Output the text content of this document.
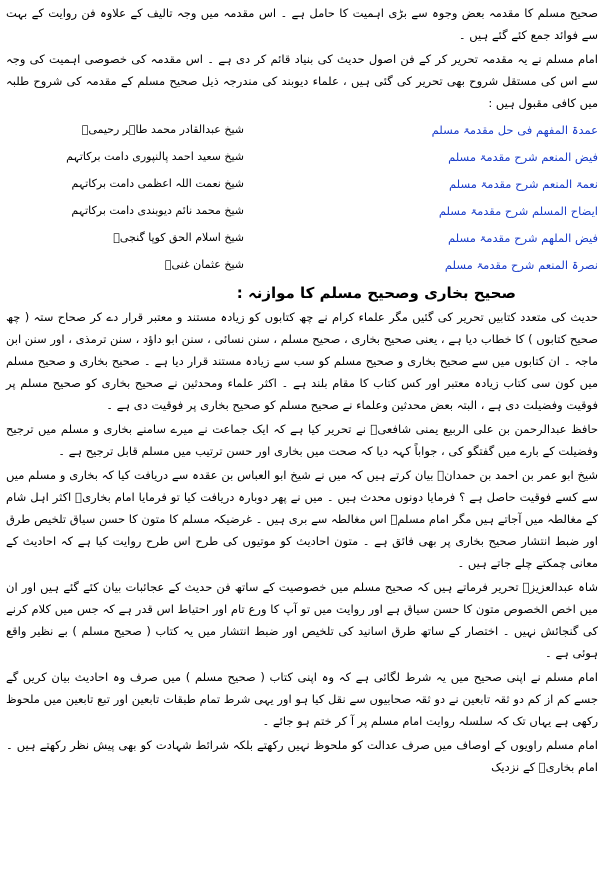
صحیح مسلم کا مقدمہ بعض وجوہ سے بڑی اہمیت کا حامل ہے ۔ اس مقدمہ میں وجہ تالیف کے علاوہ فن روایت کے بہت سے فوائد جمع کئے گئے ہیں ۔

امام مسلم نے یہ مقدمہ تحریر کر کے فن اصول حدیث کی بنیاد قائم کر دی ہے ۔ اس مقدمہ کی خصوصی اہمیت کی وجہ سے اس کی مستقل شروح بھی تحریر کی گئی ہیں ، علماء دیوبند کی مندرجہ ذیل صحیح مسلم کے مقدمہ کی شروح طلبہ میں کافی مقبول ہیں :

عمدۃ المفھم فی حل مقدمۃ مسلم
شیخ عبدالقادر محمد طاہر رحیمیؒ
فیض المنعم شرح مقدمۃ مسلم
شیخ سعید احمد پالنپوری دامت برکاتہم
نعمۃ المنعم شرح مقدمۃ مسلم
شیخ نعمت اللہ اعظمی دامت برکاتہم
ایضاح المسلم شرح مقدمۃ مسلم
شیخ محمد نائم دیوبندی دامت برکاتہم
فیض الملھم شرح مقدمۃ مسلم
شیخ اسلام الحق کوپا گنجیؒ
نصرۃ المنعم شرح مقدمۃ مسلم
شیخ عثمان غنیؒ
صحیح بخاری وصحیح مسلم کا موازنہ :

حدیث کی متعدد کتابیں تحریر کی گئیں مگر علماء کرام نے چھ کتابوں کو زیادہ مستند و معتبر قرار دے کر صحاح ستہ ( چھ صحیح کتابوں ) کا خطاب دیا ہے ، یعنی صحیح بخاری ، صحیح مسلم ، سنن نسائی ، سنن ابو داؤد ، سنن ترمذی ، اور سنن ابن ماجہ ۔ ان کتابوں میں سے صحیح بخاری و صحیح مسلم کو سب سے زیادہ مستند قرار دیا ہے ۔ صحیح بخاری و صحیح مسلم میں کون سی کتاب زیادہ معتبر اور کس کتاب کا مقام بلند ہے ۔ اکثر علماء ومحدثین نے صحیح بخاری کو صحیح مسلم پر فوقیت وفضیلت دی ہے ، البتہ بعض محدثین وعلماء نے صحیح مسلم کو صحیح بخاری پر فوقیت دی ہے ۔

حافظ عبدالرحمن بن علی الربیع یمنی شافعیؒ نے تحریر کیا ہے کہ ایک جماعت نے میرے سامنے بخاری و مسلم میں ترجیح وفضیلت کے بارے میں گفتگو کی ، جواباً کہہ دیا کہ صحت میں بخاری اور حسن ترتیب میں مسلم قابل ترجیح ہے ۔

شیخ ابو عمر بن احمد بن حمدانؒ بیان کرتے ہیں کہ میں نے شیخ ابو العباس بن عقدہ سے دریافت کیا کہ بخاری و مسلم میں سے کسے فوقیت حاصل ہے ؟ فرمایا دونوں محدث ہیں ۔ میں نے پھر دوبارہ دریافت کیا تو فرمایا امام بخاریؒ اکثر اہل شام کے مغالطہ میں آجاتے ہیں مگر امام مسلمؒ اس مغالطہ سے بری ہیں ۔ غرضیکہ مسلم کا متون کا حسن سیاق تلخیص طرق اور ضبط انتشار صحیح بخاری پر بھی فائق ہے ۔ متون احادیث کو موتیوں کی طرح اس طرح روایت کیا ہے کہ احادیث کے معانی چمکتے چلے جاتے ہیں ۔

شاہ عبدالعزیزؒ تحریر فرماتے ہیں کہ صحیح مسلم میں خصوصیت کے ساتھ فن حدیث کے عجائبات بیان کئے گئے ہیں اور ان میں اخص الخصوص متون کا حسن سیاق ہے اور روایت میں تو آپ کا ورع تام اور احتیاط اس قدر ہے کہ جس میں کلام کرنے کی گنجائش نہیں ۔ اختصار کے ساتھ طرق اسانید کی تلخیص اور ضبط انتشار میں یہ کتاب ( صحیح مسلم ) بے نظیر واقع ہوئی ہے ۔

امام مسلم نے اپنی صحیح میں یہ شرط لگائی ہے کہ وہ اپنی کتاب ( صحیح مسلم ) میں صرف وہ احادیث بیان کریں گے جسے کم از کم دو ثقہ تابعین نے دو ثقہ صحابیوں سے نقل کیا ہو اور یہی شرط تمام طبقات تابعین اور تبع تابعین میں ملحوظ رکھی ہے یہاں تک کہ سلسلہ روایت امام مسلم پر آ کر ختم ہو جائے ۔

امام مسلم راویوں کے اوصاف میں صرف عدالت کو ملحوظ نہیں رکھتے بلکہ شرائط شہادت کو بھی پیش نظر رکھتے ہیں ۔ امام بخاریؒ کے نزدیک
